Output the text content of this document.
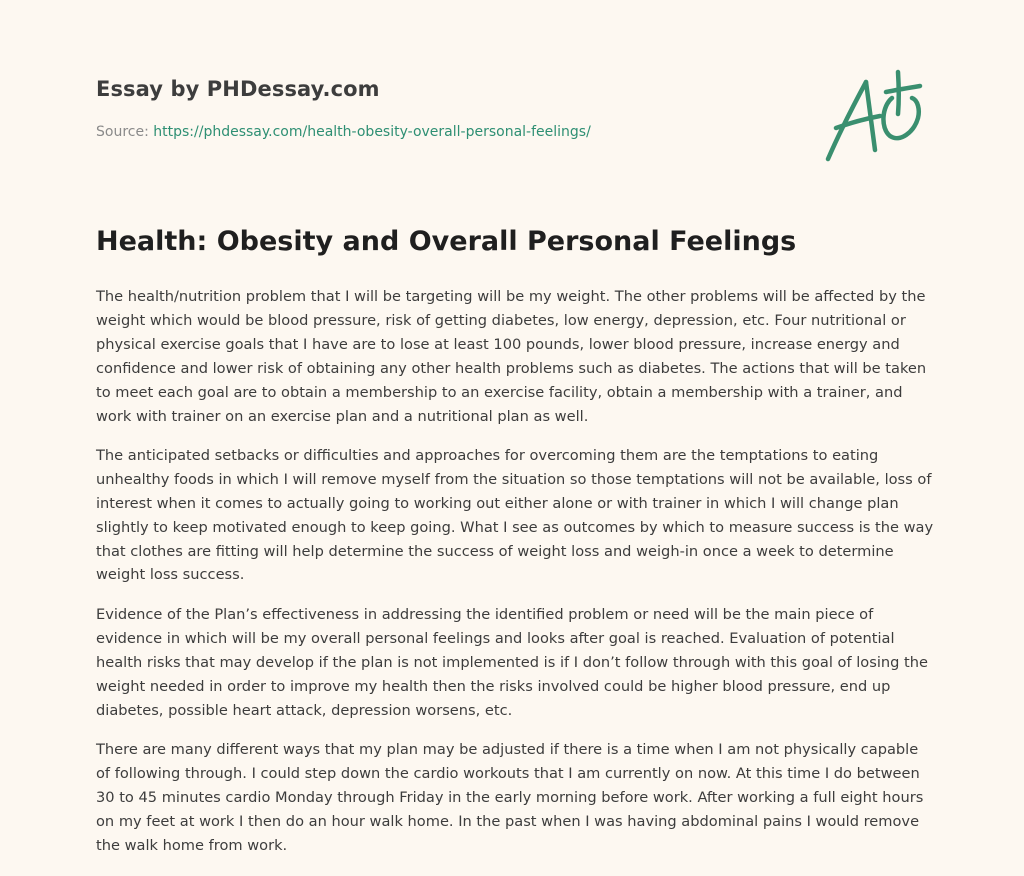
Essay by PHDessay.com
Source: https://phdessay.com/health-obesity-overall-personal-feelings/
Health: Obesity and Overall Personal Feelings

The health/nutrition problem that I will be targeting will be my weight. The other problems will be affected by the weight which would be blood pressure, risk of getting diabetes, low energy, depression, etc. Four nutritional or physical exercise goals that I have are to lose at least 100 pounds, lower blood pressure, increase energy and confidence and lower risk of obtaining any other health problems such as diabetes. The actions that will be taken to meet each goal are to obtain a membership to an exercise facility, obtain a membership with a trainer, and work with trainer on an exercise plan and a nutritional plan as well.

The anticipated setbacks or difficulties and approaches for overcoming them are the temptations to eating unhealthy foods in which I will remove myself from the situation so those temptations will not be available, loss of interest when it comes to actually going to working out either alone or with trainer in which I will change plan slightly to keep motivated enough to keep going. What I see as outcomes by which to measure success is the way that clothes are fitting will help determine the success of weight loss and weigh-in once a week to determine weight loss success.

Evidence of the Plan’s effectiveness in addressing the identified problem or need will be the main piece of evidence in which will be my overall personal feelings and looks after goal is reached. Evaluation of potential health risks that may develop if the plan is not implemented is if I don’t follow through with this goal of losing the weight needed in order to improve my health then the risks involved could be higher blood pressure, end up diabetes, possible heart attack, depression worsens, etc.

There are many different ways that my plan may be adjusted if there is a time when I am not physically capable of following through. I could step down the cardio workouts that I am currently on now. At this time I do between 30 to 45 minutes cardio Monday through Friday in the early morning before work. After working a full eight hours on my feet at work I then do an hour walk home. In the past when I was having abdominal pains I would remove the walk home from work.
